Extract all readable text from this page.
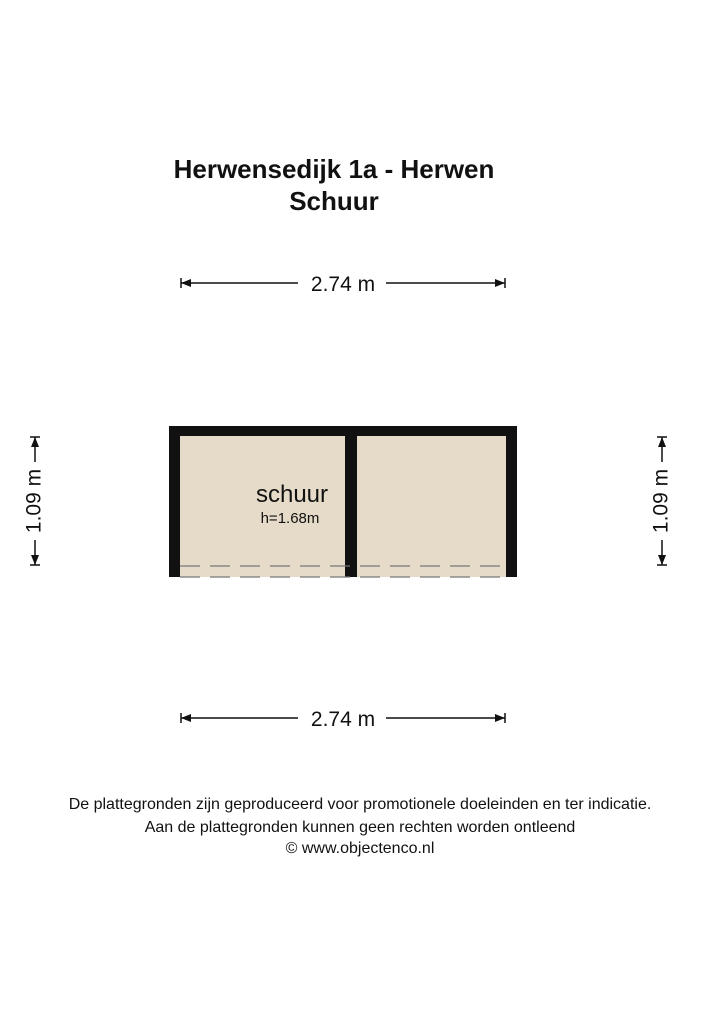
Herwensedijk 1a - Herwen
Schuur
2.74 m
2.74 m
1.09 m	1.09 m
schuur
h=1.68m
De plattegronden zijn geproduceerd voor promotionele doeleinden en ter indicatie.
Aan de plattegronden kunnen geen rechten worden ontleend
© www.objectenco.nl
